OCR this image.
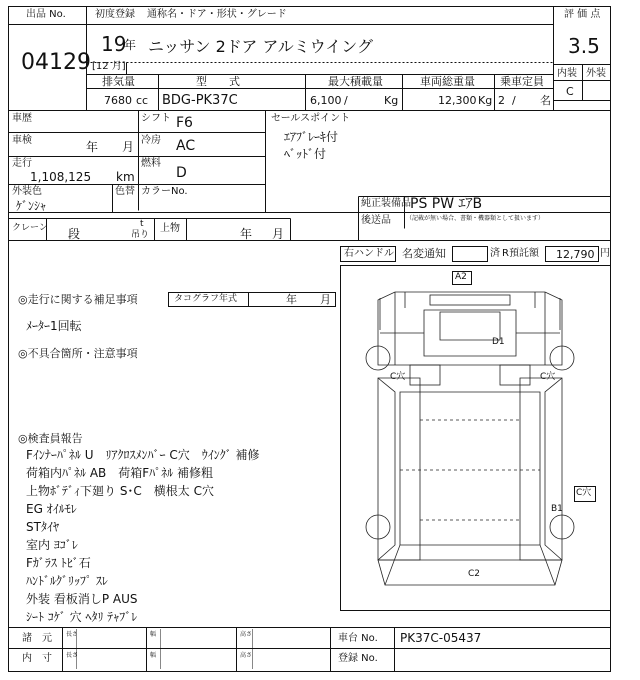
出品 No.
04129
初度登録 通称名・ドア・形状・グレード
19
年
[12 月]
ニッサン 2ドア アルミウイング
評 価 点
3.5
内装 外装
C
排気量	型　　式	最大積載量	車両総重量 乗車定員
7680 cc BDG-PK37C	6,100 /	Kg	12,300 Kg 2 / 名
車歴	シフト F6
車検	年 月 冷房 AC
走行
1,108,125 km
燃料
D
外装色
ｹﾞﾝｼｬ
色替 カラーNo.
セールスポイント
ｴｱﾌﾞﾚｰｷ付
ﾍﾞｯﾄﾞ付
純正装備品 PS PW ｴｱB
後送品	（記載が無い場合、書類・機器類として扱います）
クレーン 段
t
吊り
上物	年 月
右ハンドル 名変通知	済 R預託額 12,790 円
◎走行に関する補足事項	タコグラフ年式	年 月
ﾒｰﾀｰ1回転
◎不具合箇所・注意事項
◎検査員報告
Fｲﾝﾅｰﾊﾟﾈﾙ U　ﾘｱｸﾛｽﾒﾝﾊﾞｰ C穴　ｳｲﾝｸﾞ 補修
荷箱内ﾊﾟﾈﾙ AB　荷箱Fﾊﾟﾈﾙ 補修粗
上物ﾎﾞﾃﾞｨ下廻り S･C　横根太 C穴
EG ｵｲﾙﾓﾚ
STﾀｲﾔ
室内 ﾖｺﾞﾚ
Fｶﾞﾗｽ ﾄﾋﾞ石
ﾊﾝﾄﾞﾙｸﾞﾘｯﾌﾟ ｽﾚ
外装 看板消しP AUS
ｼｰﾄ ｺｹﾞ 穴 ﾍﾀﾘ ﾃｬﾌﾞﾚ
A2
D1
C穴	C穴
C穴
B1
C2
諸　元
内　寸
長さ	幅	高さ
長さ	幅	高さ
車台 No. PK37C-05437
登録 No.
